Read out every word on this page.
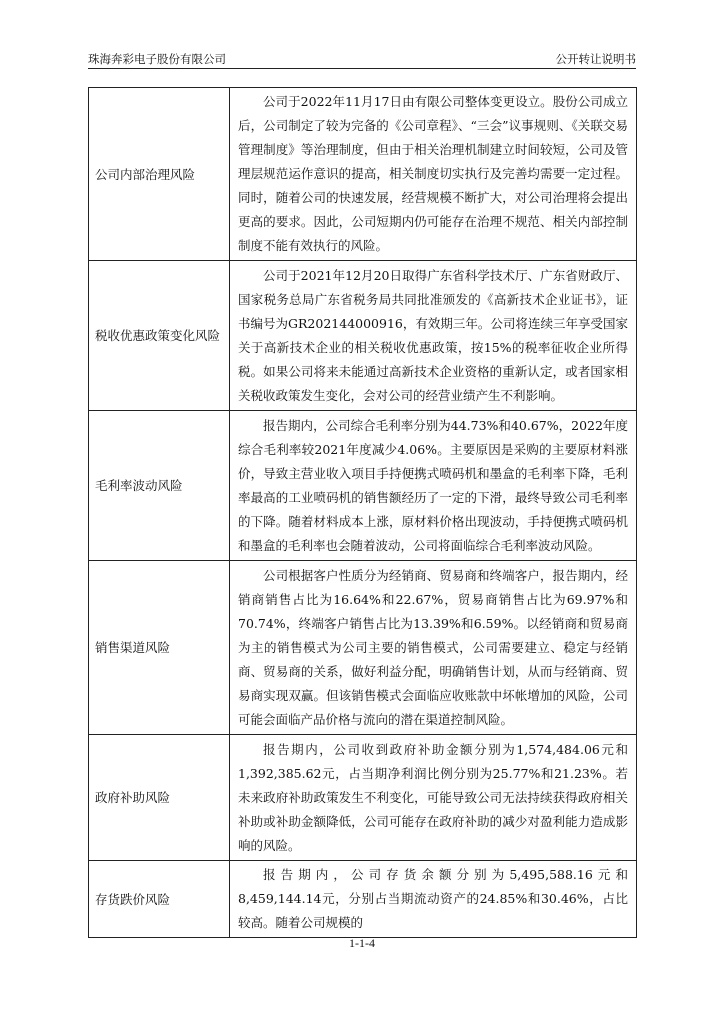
珠海奔彩电子股份有限公司	公开转让说明书
公司内部治理风险	公司于2022年11月17日由有限公司整体变更设立。股份公司成立后，公司制定了较为完备的《公司章程》、“三会”议事规则、《关联交易管理制度》等治理制度，但由于相关治理机制建立时间较短，公司及管理层规范运作意识的提高，相关制度切实执行及完善均需要一定过程。同时，随着公司的快速发展，经营规模不断扩大，对公司治理将会提出更高的要求。因此，公司短期内仍可能存在治理不规范、相关内部控制制度不能有效执行的风险。

税收优惠政策变化风险	公司于2021年12月20日取得广东省科学技术厅、广东省财政厅、国家税务总局广东省税务局共同批准颁发的《高新技术企业证书》，证书编号为GR202144000916，有效期三年。公司将连续三年享受国家关于高新技术企业的相关税收优惠政策，按15%的税率征收企业所得税。如果公司将来未能通过高新技术企业资格的重新认定，或者国家相关税收政策发生变化，会对公司的经营业绩产生不利影响。

毛利率波动风险	报告期内，公司综合毛利率分别为44.73%和40.67%，2022年度综合毛利率较2021年度减少4.06%。主要原因是采购的主要原材料涨价，导致主营业收入项目手持便携式喷码机和墨盒的毛利率下降，毛利率最高的工业喷码机的销售额经历了一定的下滑，最终导致公司毛利率的下降。随着材料成本上涨，原材料价格出现波动，手持便携式喷码机和墨盒的毛利率也会随着波动，公司将面临综合毛利率波动风险。

销售渠道风险	公司根据客户性质分为经销商、贸易商和终端客户，报告期内，经销商销售占比为16.64%和22.67%，贸易商销售占比为69.97%和70.74%，终端客户销售占比为13.39%和6.59%。以经销商和贸易商为主的销售模式为公司主要的销售模式，公司需要建立、稳定与经销商、贸易商的关系，做好利益分配，明确销售计划，从而与经销商、贸易商实现双赢。但该销售模式会面临应收账款中坏帐增加的风险，公司可能会面临产品价格与流向的潜在渠道控制风险。

政府补助风险	报告期内，公司收到政府补助金额分别为1,574,484.06元和1,392,385.62元，占当期净利润比例分别为25.77%和21.23%。若未来政府补助政策发生不利变化，可能导致公司无法持续获得政府相关补助或补助金额降低，公司可能存在政府补助的减少对盈利能力造成影响的风险。

存货跌价风险	报告期内，公司存货余额分别为5,495,588.16元和8,459,144.14元，分别占当期流动资产的24.85%和30.46%，占比较高。随着公司规模的

1-1-4
